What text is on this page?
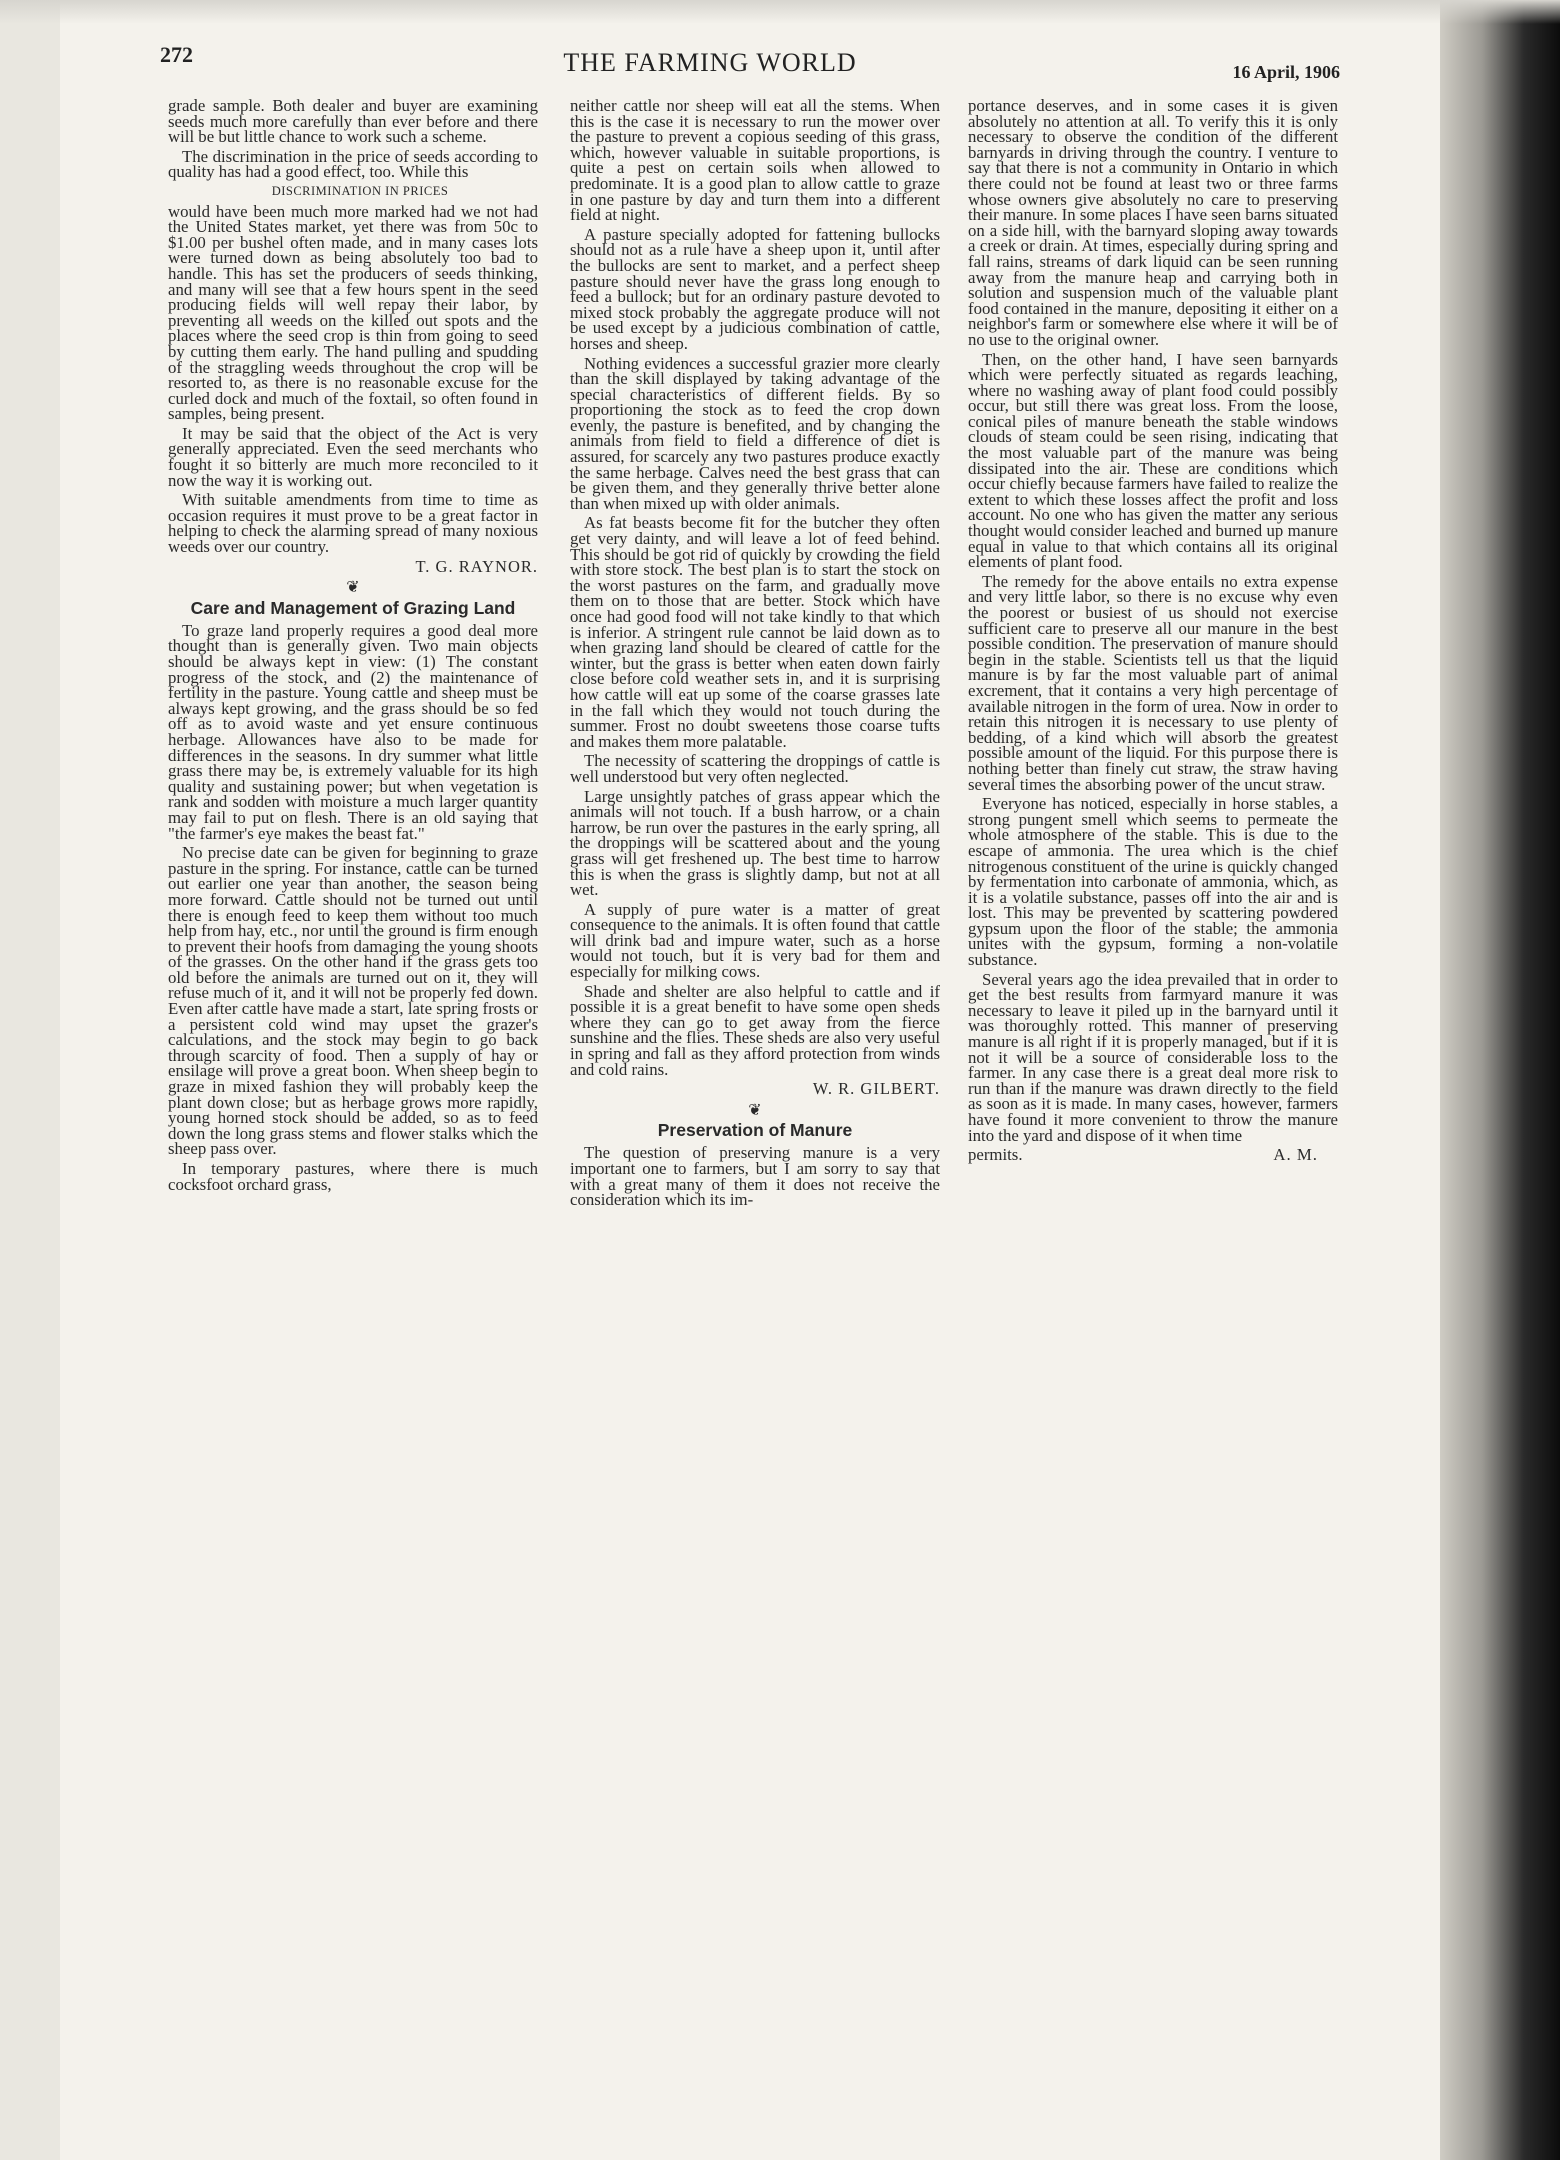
272	THE FARMING WORLD	16 April, 1906

grade sample. Both dealer and buyer are examining seeds much more carefully than ever before and there will be but little chance to work such a scheme.

The discrimination in the price of seeds according to quality has had a good effect, too. While this

DISCRIMINATION IN PRICES

would have been much more marked had we not had the United States market, yet there was from 50c to $1.00 per bushel often made, and in many cases lots were turned down as being absolutely too bad to handle. This has set the producers of seeds thinking, and many will see that a few hours spent in the seed producing fields will well repay their labor, by preventing all weeds on the killed out spots and the places where the seed crop is thin from going to seed by cutting them early. The hand pulling and spudding of the straggling weeds throughout the crop will be resorted to, as there is no reasonable excuse for the curled dock and much of the foxtail, so often found in samples, being present.

It may be said that the object of the Act is very generally appreciated. Even the seed merchants who fought it so bitterly are much more reconciled to it now the way it is working out.

With suitable amendments from time to time as occasion requires it must prove to be a great factor in helping to check the alarming spread of many noxious weeds over our country.

T. G. RAYNOR.

❦
Care and Management of Grazing Land

To graze land properly requires a good deal more thought than is generally given. Two main objects should be always kept in view: (1) The constant progress of the stock, and (2) the maintenance of fertility in the pasture. Young cattle and sheep must be always kept growing, and the grass should be so fed off as to avoid waste and yet ensure continuous herbage. Allowances have also to be made for differences in the seasons. In dry summer what little grass there may be, is extremely valuable for its high quality and sustaining power; but when vegetation is rank and sodden with moisture a much larger quantity may fail to put on flesh. There is an old saying that "the farmer's eye makes the beast fat."

No precise date can be given for beginning to graze pasture in the spring. For instance, cattle can be turned out earlier one year than another, the season being more forward. Cattle should not be turned out until there is enough feed to keep them without too much help from hay, etc., nor until the ground is firm enough to prevent their hoofs from damaging the young shoots of the grasses. On the other hand if the grass gets too old before the animals are turned out on it, they will refuse much of it, and it will not be properly fed down. Even after cattle have made a start, late spring frosts or a persistent cold wind may upset the grazer's calculations, and the stock may begin to go back through scarcity of food. Then a supply of hay or ensilage will prove a great boon. When sheep begin to graze in mixed fashion they will probably keep the plant down close; but as herbage grows more rapidly, young horned stock should be added, so as to feed down the long grass stems and flower stalks which the sheep pass over.

In temporary pastures, where there is much cocksfoot orchard grass,

neither cattle nor sheep will eat all the stems. When this is the case it is necessary to run the mower over the pasture to prevent a copious seeding of this grass, which, however valuable in suitable proportions, is quite a pest on certain soils when allowed to predominate. It is a good plan to allow cattle to graze in one pasture by day and turn them into a different field at night.

A pasture specially adopted for fattening bullocks should not as a rule have a sheep upon it, until after the bullocks are sent to market, and a perfect sheep pasture should never have the grass long enough to feed a bullock; but for an ordinary pasture devoted to mixed stock probably the aggregate produce will not be used except by a judicious combination of cattle, horses and sheep.

Nothing evidences a successful grazier more clearly than the skill displayed by taking advantage of the special characteristics of different fields. By so proportioning the stock as to feed the crop down evenly, the pasture is benefited, and by changing the animals from field to field a difference of diet is assured, for scarcely any two pastures produce exactly the same herbage. Calves need the best grass that can be given them, and they generally thrive better alone than when mixed up with older animals.

As fat beasts become fit for the butcher they often get very dainty, and will leave a lot of feed behind. This should be got rid of quickly by crowding the field with store stock. The best plan is to start the stock on the worst pastures on the farm, and gradually move them on to those that are better. Stock which have once had good food will not take kindly to that which is inferior. A stringent rule cannot be laid down as to when grazing land should be cleared of cattle for the winter, but the grass is better when eaten down fairly close before cold weather sets in, and it is surprising how cattle will eat up some of the coarse grasses late in the fall which they would not touch during the summer. Frost no doubt sweetens those coarse tufts and makes them more palatable.

The necessity of scattering the droppings of cattle is well understood but very often neglected.

Large unsightly patches of grass appear which the animals will not touch. If a bush harrow, or a chain harrow, be run over the pastures in the early spring, all the droppings will be scattered about and the young grass will get freshened up. The best time to harrow this is when the grass is slightly damp, but not at all wet.

A supply of pure water is a matter of great consequence to the animals. It is often found that cattle will drink bad and impure water, such as a horse would not touch, but it is very bad for them and especially for milking cows.

Shade and shelter are also helpful to cattle and if possible it is a great benefit to have some open sheds where they can go to get away from the fierce sunshine and the flies. These sheds are also very useful in spring and fall as they afford protection from winds and cold rains.

W. R. GILBERT.

❦
Preservation of Manure

The question of preserving manure is a very important one to farmers, but I am sorry to say that with a great many of them it does not receive the consideration which its im-

portance deserves, and in some cases it is given absolutely no attention at all. To verify this it is only necessary to observe the condition of the different barnyards in driving through the country. I venture to say that there is not a community in Ontario in which there could not be found at least two or three farms whose owners give absolutely no care to preserving their manure. In some places I have seen barns situated on a side hill, with the barnyard sloping away towards a creek or drain. At times, especially during spring and fall rains, streams of dark liquid can be seen running away from the manure heap and carrying both in solution and suspension much of the valuable plant food contained in the manure, depositing it either on a neighbor's farm or somewhere else where it will be of no use to the original owner.

Then, on the other hand, I have seen barnyards which were perfectly situated as regards leaching, where no washing away of plant food could possibly occur, but still there was great loss. From the loose, conical piles of manure beneath the stable windows clouds of steam could be seen rising, indicating that the most valuable part of the manure was being dissipated into the air. These are conditions which occur chiefly because farmers have failed to realize the extent to which these losses affect the profit and loss account. No one who has given the matter any serious thought would consider leached and burned up manure equal in value to that which contains all its original elements of plant food.

The remedy for the above entails no extra expense and very little labor, so there is no excuse why even the poorest or busiest of us should not exercise sufficient care to preserve all our manure in the best possible condition. The preservation of manure should begin in the stable. Scientists tell us that the liquid manure is by far the most valuable part of animal excrement, that it contains a very high percentage of available nitrogen in the form of urea. Now in order to retain this nitrogen it is necessary to use plenty of bedding, of a kind which will absorb the greatest possible amount of the liquid. For this purpose there is nothing better than finely cut straw, the straw having several times the absorbing power of the uncut straw.

Everyone has noticed, especially in horse stables, a strong pungent smell which seems to permeate the whole atmosphere of the stable. This is due to the escape of ammonia. The urea which is the chief nitrogenous constituent of the urine is quickly changed by fermentation into carbonate of ammonia, which, as it is a volatile substance, passes off into the air and is lost. This may be prevented by scattering powdered gypsum upon the floor of the stable; the ammonia unites with the gypsum, forming a non-volatile substance.

Several years ago the idea prevailed that in order to get the best results from farmyard manure it was necessary to leave it piled up in the barnyard until it was thoroughly rotted. This manner of preserving manure is all right if it is properly managed, but if it is not it will be a source of considerable loss to the farmer. In any case there is a great deal more risk to run than if the manure was drawn directly to the field as soon as it is made. In many cases, however, farmers have found it more convenient to throw the manure into the yard and dispose of it when time

permits.	A. M.
